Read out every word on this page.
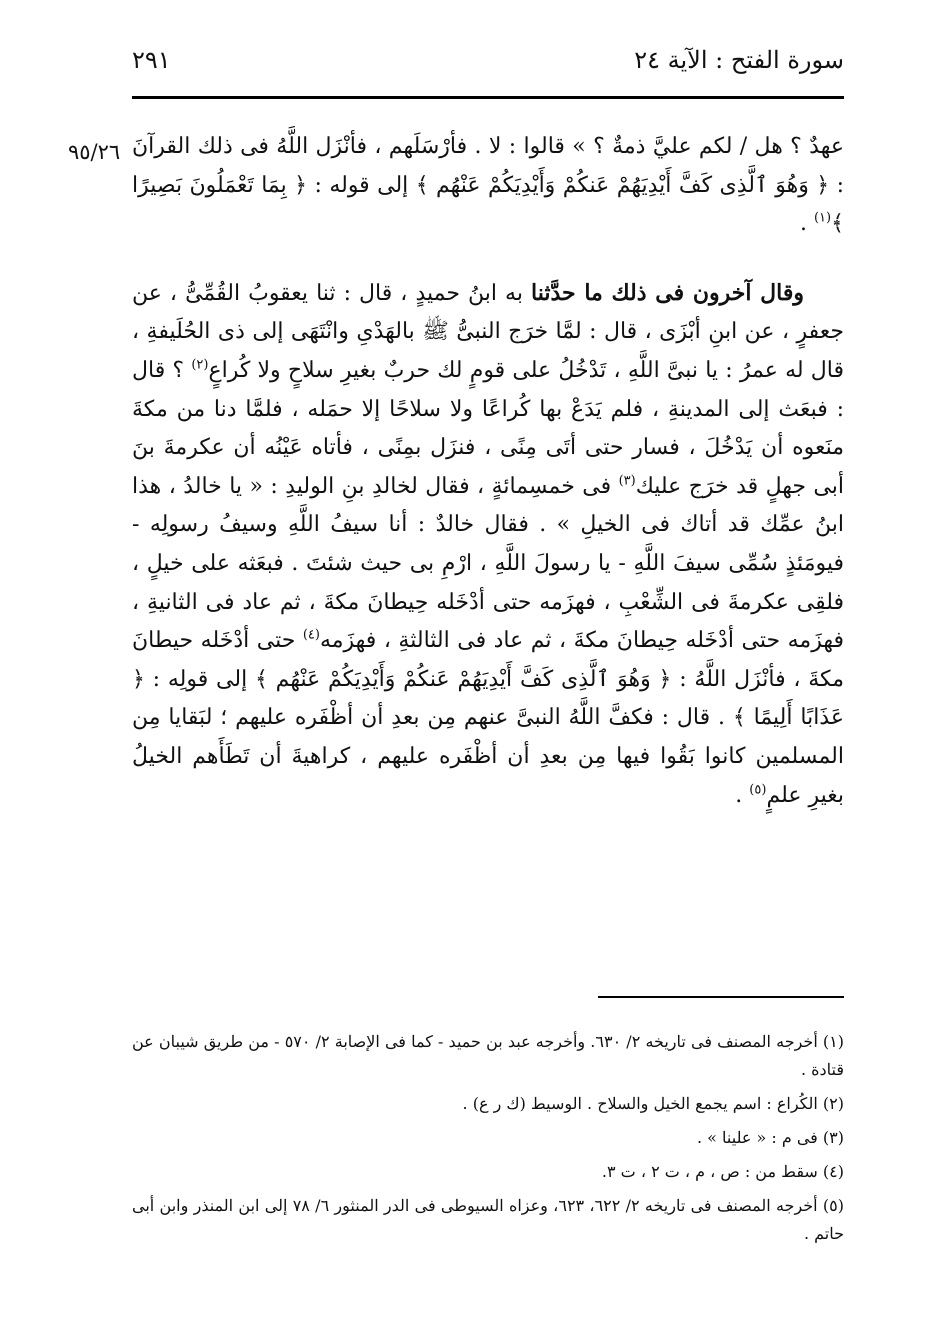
سورة الفتح : الآية ٢٤
٢٩١
٩٥/٢٦ عهدٌ ؟ هل / لكم عليَّ ذمةٌ ؟ » قالوا : لا . فأرْسَلَهم ، فأنْزَل اللَّهُ فى ذلك القرآنَ : ﴿ وَهُوَ ٱلَّذِى كَفَّ أَيْدِيَهُمْ عَنكُمْ وَأَيْدِيَكُمْ عَنْهُم ﴾ إلى قوله : ﴿ بِمَا تَعْمَلُونَ بَصِيرًا ﴾$^{(١)}$ .

وقال آخرون فى ذلك ما حدَّثنا به ابنُ حميدٍ ، قال : ثنا يعقوبُ القُمِّىُّ ، عن جعفرٍ ، عن ابنِ أبْزَى ، قال : لمَّا خرَج النبىُّ ﷺ بالهَدْىِ وانْتَهَى إلى ذى الحُلَيفةِ ، قال له عمرُ : يا نبىَّ اللَّهِ ، تَدْخُلُ على قومٍ لك حربٌ بغيرِ سلاحٍ ولا كُراعٍ$^{(٢)}$ ؟ قال : فبعَث إلى المدينةِ ، فلم يَدَعْ بها كُراعًا ولا سلاحًا إلا حمَله ، فلمَّا دنا من مكةَ منَعوه أن يَدْخُلَ ، فسار حتى أتَى مِنًى ، فنزَل بمِنًى ، فأتاه عَيْنُه أن عكرمةَ بنَ أبى جهلٍ قد خرَج عليك$^{(٣)}$ فى خمسِمائةٍ ، فقال لخالدِ بنِ الوليدِ : « يا خالدُ ، هذا ابنُ عمِّك قد أتاك فى الخيلِ » . فقال خالدٌ : أنا سيفُ اللَّهِ وسيفُ رسولِه - فيومَئذٍ سُمِّى سيفَ اللَّهِ - يا رسولَ اللَّهِ ، ارْمِ بى حيث شئتَ . فبعَثه على خيلٍ ، فلقِى عكرمةَ فى الشِّعْبِ ، فهزَمه حتى أدْخَله حِيطانَ مكةَ ، ثم عاد فى الثانيةِ ، فهزَمه حتى أدْخَله حِيطانَ مكةَ ، ثم عاد فى الثالثةِ ، فهزَمه$^{(٤)}$ حتى أدْخَله حيطانَ مكةَ ، فأنْزَل اللَّهُ : ﴿ وَهُوَ ٱلَّذِى كَفَّ أَيْدِيَهُمْ عَنكُمْ وَأَيْدِيَكُمْ عَنْهُم ﴾ إلى قولِه : ﴿ عَذَابًا أَلِيمًا ﴾ . قال : فكفَّ اللَّهُ النبىَّ عنهم مِن بعدِ أن أظْفَره عليهم ؛ لبَقايا مِن المسلمين كانوا بَقُوا فيها مِن بعدِ أن أظْفَره عليهم ، كراهيةَ أن تَطَأَهم الخيلُ بغيرِ علمٍ$^{(٥)}$ .

(١) أخرجه المصنف فى تاريخه ٢/ ٦٣٠. وأخرجه عبد بن حميد - كما فى الإصابة ٢/ ٥٧٠ - من طريق شيبان عن قتادة .

(٢) الكُراع : اسم يجمع الخيل والسلاح . الوسيط (ك ر ع) .

(٣) فى م : « علينا » .

(٤) سقط من : ص ، م ، ت ٢ ، ت ٣.

(٥) أخرجه المصنف فى تاريخه ٢/ ٦٢٢، ٦٢٣، وعزاه السيوطى فى الدر المنثور ٦/ ٧٨ إلى ابن المنذر وابن أبى حاتم .
